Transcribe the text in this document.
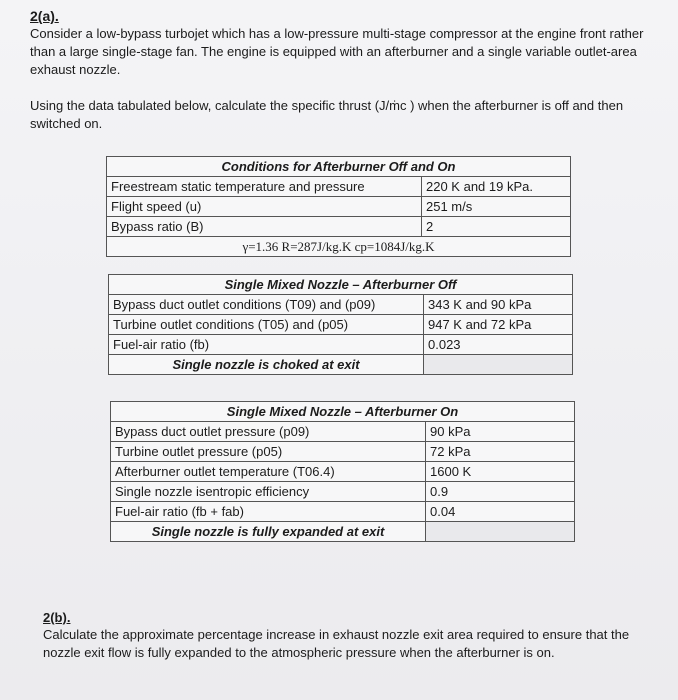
2(a).
Consider a low-bypass turbojet which has a low-pressure multi-stage compressor at the engine front rather than a large single-stage fan. The engine is equipped with an afterburner and a single variable outlet-area exhaust nozzle.
Using the data tabulated below, calculate the specific thrust (J/ṁc ) when the afterburner is off and then switched on.
Conditions for Afterburner Off and On	
Freestream static temperature and pressure	220 K and 19 kPa.
Flight speed (u)	251 m/s
Bypass ratio (B)	2
γ=1.36 R=287J/kg.K cp=1084J/kg.K	
Single Mixed Nozzle – Afterburner Off	
Bypass duct outlet conditions (T09) and (p09)	343 K and 90 kPa
Turbine outlet conditions (T05) and (p05)	947 K and 72 kPa
Fuel-air ratio (fb)	0.023
Single nozzle is choked at exit	
Single Mixed Nozzle – Afterburner On	
Bypass duct outlet pressure (p09)	90 kPa
Turbine outlet pressure (p05)	72 kPa
Afterburner outlet temperature (T06.4)	1600 K
Single nozzle isentropic efficiency	0.9
Fuel-air ratio (fb + fab)	0.04
Single nozzle is fully expanded at exit	
2(b).
Calculate the approximate percentage increase in exhaust nozzle exit area required to ensure that the nozzle exit flow is fully expanded to the atmospheric pressure when the afterburner is on.
